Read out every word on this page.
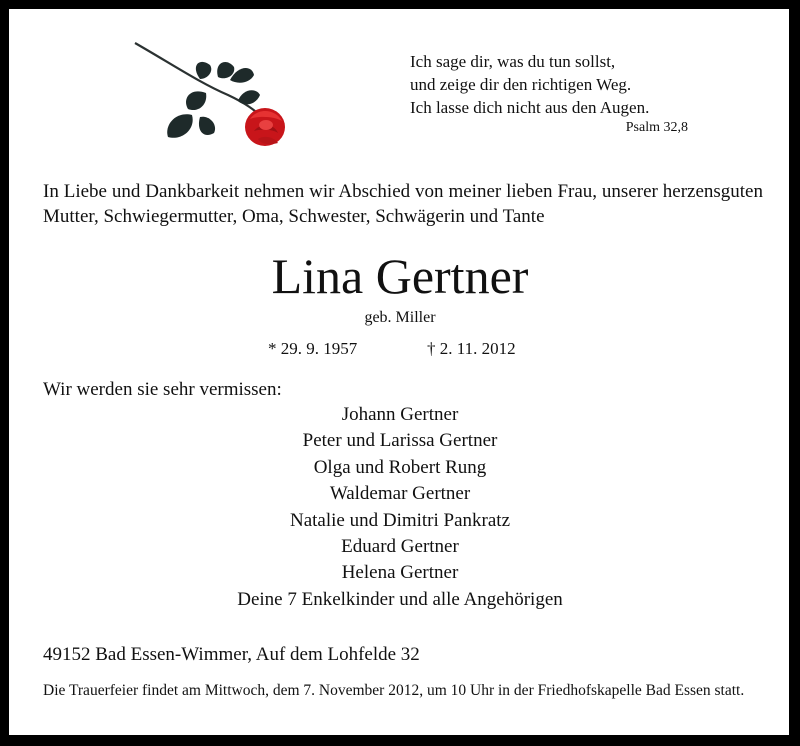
Ich sage dir, was du tun sollst,
und zeige dir den richtigen Weg.
Ich lasse dich nicht aus den Augen.
Psalm 32,8
In Liebe und Dankbarkeit nehmen wir Abschied von meiner lieben Frau, unserer herzensguten Mutter, Schwiegermutter, Oma, Schwester, Schwägerin und Tante
Lina Gertner
geb. Miller
* 29. 9. 1957	† 2. 11. 2012
Wir werden sie sehr vermissen:
Johann Gertner
Peter und Larissa Gertner
Olga und Robert Rung
Waldemar Gertner
Natalie und Dimitri Pankratz
Eduard Gertner
Helena Gertner
Deine 7 Enkelkinder und alle Angehörigen
49152 Bad Essen-Wimmer, Auf dem Lohfelde 32
Die Trauerfeier findet am Mittwoch, dem 7. November 2012, um 10 Uhr in der Friedhofskapelle Bad Essen statt.
